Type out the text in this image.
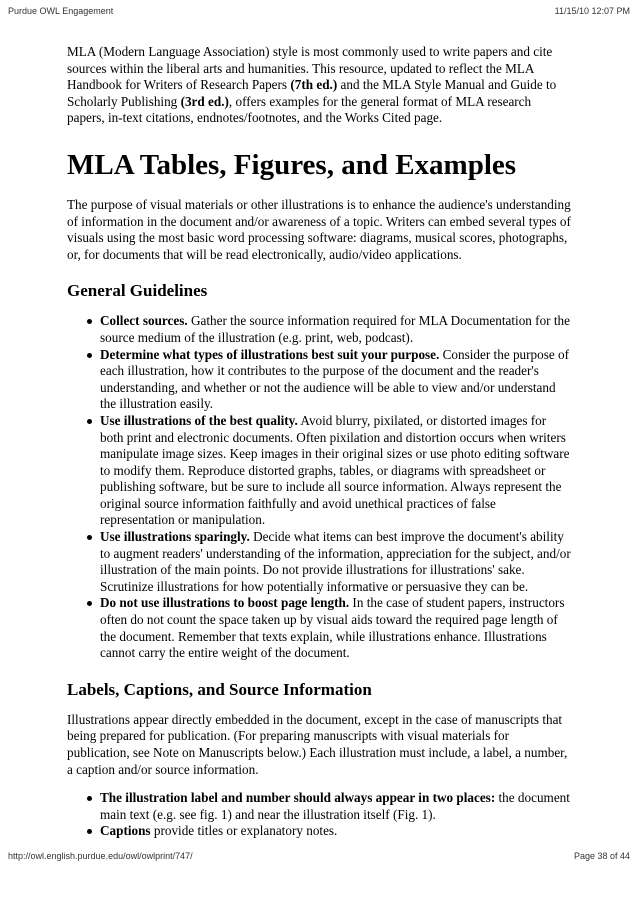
Purdue OWL Engagement	11/15/10 12:07 PM

MLA (Modern Language Association) style is most commonly used to write papers and cite sources within the liberal arts and humanities. This resource, updated to reflect the MLA Handbook for Writers of Research Papers (7th ed.) and the MLA Style Manual and Guide to Scholarly Publishing (3rd ed.), offers examples for the general format of MLA research papers, in-text citations, endnotes/footnotes, and the Works Cited page.

MLA Tables, Figures, and Examples

The purpose of visual materials or other illustrations is to enhance the audience's understanding of information in the document and/or awareness of a topic. Writers can embed several types of visuals using the most basic word processing software: diagrams, musical scores, photographs, or, for documents that will be read electronically, audio/video applications.

General Guidelines
Collect sources. Gather the source information required for MLA Documentation for the source medium of the illustration (e.g. print, web, podcast).
Determine what types of illustrations best suit your purpose. Consider the purpose of each illustration, how it contributes to the purpose of the document and the reader's understanding, and whether or not the audience will be able to view and/or understand the illustration easily.
Use illustrations of the best quality. Avoid blurry, pixilated, or distorted images for both print and electronic documents. Often pixilation and distortion occurs when writers manipulate image sizes. Keep images in their original sizes or use photo editing software to modify them. Reproduce distorted graphs, tables, or diagrams with spreadsheet or publishing software, but be sure to include all source information. Always represent the original source information faithfully and avoid unethical practices of false representation or manipulation.
Use illustrations sparingly. Decide what items can best improve the document's ability to augment readers' understanding of the information, appreciation for the subject, and/or illustration of the main points. Do not provide illustrations for illustrations' sake. Scrutinize illustrations for how potentially informative or persuasive they can be.
Do not use illustrations to boost page length. In the case of student papers, instructors often do not count the space taken up by visual aids toward the required page length of the document. Remember that texts explain, while illustrations enhance. Illustrations cannot carry the entire weight of the document.
Labels, Captions, and Source Information

Illustrations appear directly embedded in the document, except in the case of manuscripts that being prepared for publication. (For preparing manuscripts with visual materials for publication, see Note on Manuscripts below.) Each illustration must include, a label, a number, a caption and/or source information.

The illustration label and number should always appear in two places: the document main text (e.g. see fig. 1) and near the illustration itself (Fig. 1).
Captions provide titles or explanatory notes.
http://owl.english.purdue.edu/owl/owlprint/747/	Page 38 of 44
